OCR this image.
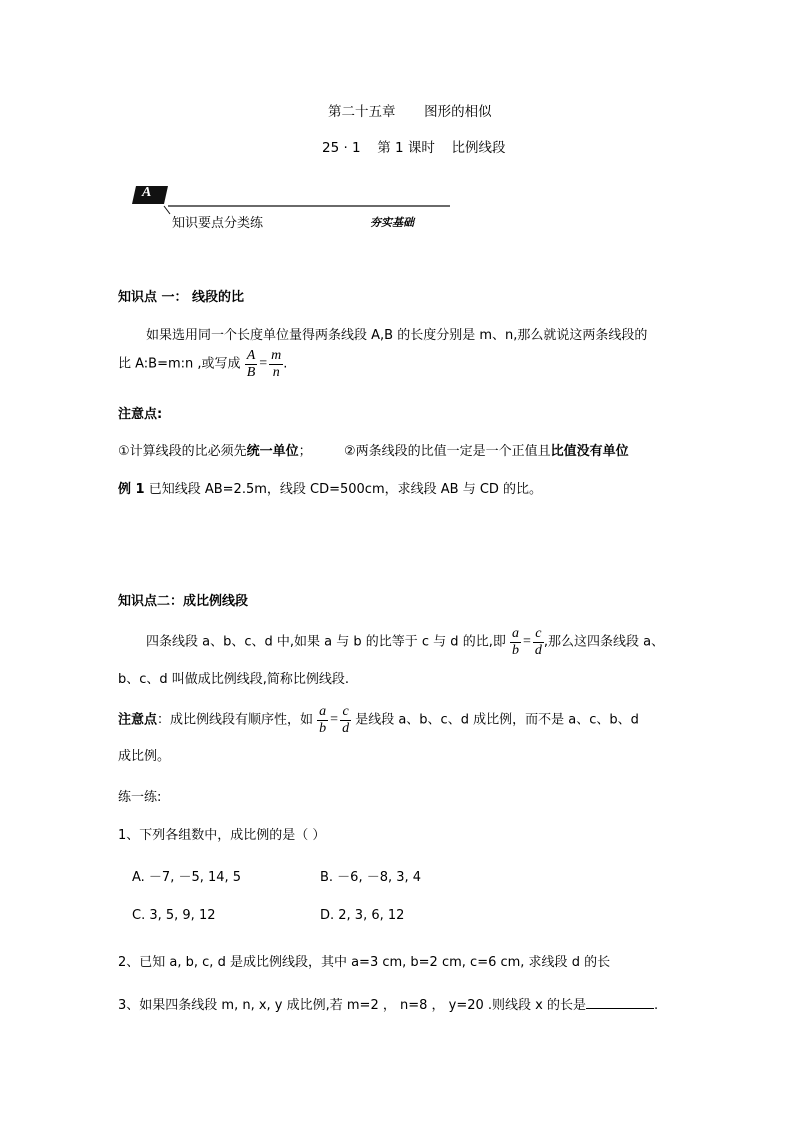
第二十五章 图形的相似
25 · 1 第 1 课时 比例线段
A
知识要点分类练	夯实基础
知识点 一： 线段的比
如果选用同一个长度单位量得两条线段 A,B 的长度分别是 m、n,那么就说这两条线段的
比 A:B=m:n ,或写成 $\frac{A}{B} = \frac{m}{n}$ .
注意点:
①计算线段的比必须先统一单位； ②两条线段的比值一定是一个正值且比值没有单位
例 1 已知线段 AB=2.5m，线段 CD=500cm，求线段 AB 与 CD 的比。
知识点二：成比例线段
四条线段 a、b、c、d 中,如果 a 与 b 的比等于 c 与 d 的比,即 $\frac{a}{b} = \frac{c}{d}$ ,那么这四条线段 a、
b、c、d 叫做成比例线段,简称比例线段.
注意点：成比例线段有顺序性，如 $\frac{a}{b} = \frac{c}{d}$ 是线段 a、b、c、d 成比例，而不是 a、c、b、d
成比例。
练一练:
1、下列各组数中，成比例的是（ ）
A. －7, －5, 14, 5	B. －6, －8, 3, 4
C. 3, 5, 9, 12	D. 2, 3, 6, 12
2、已知 a, b, c, d 是成比例线段，其中 a=3 cm, b=2 cm, c=6 cm, 求线段 d 的长
3、如果四条线段 m, n, x, y 成比例,若 m=2 ， n=8 ， y=20 .则线段 x 的长是	.
